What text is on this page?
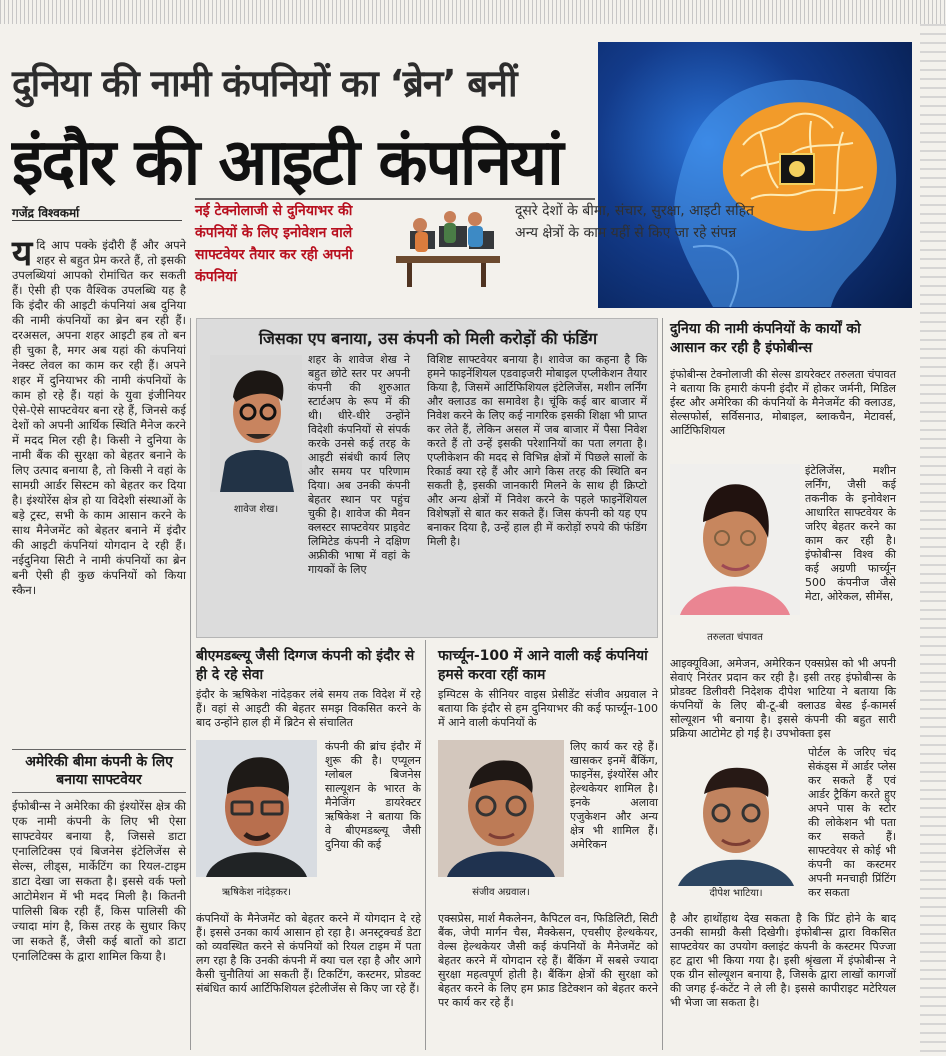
दुनिया की नामी कंपनियों का ‘ब्रेन’ बनीं
इंदौर की आइटी कंपनियां
गजेंद्र विश्वकर्मा	नई टेक्नोलाजी से दुनियाभर की कंपनियों के लिए इनोवेशन वाले साफ्टवेयर तैयार कर रही अपनी कंपनियां
दूसरे देशों के बीमा, संचार, सुरक्षा, आइटी सहित अन्य क्षेत्रों के काम यहीं से किए जा रहे संपन्न
य दि आप पक्के इंदौरी हैं और अपने शहर से बहुत प्रेम करते हैं, तो इसकी उपलब्धियां आपको रोमांचित कर सकती हैं। ऐसी ही एक वैश्विक उपलब्धि यह है कि इंदौर की आइटी कंपनियां अब दुनिया की नामी कंपनियों का ब्रेन बन रही हैं। दरअसल, अपना शहर आइटी हब तो बन ही चुका है, मगर अब यहां की कंपनियां नेक्स्ट लेवल का काम कर रही हैं। अपने शहर में दुनियाभर की नामी कंपनियों के काम हो रहे हैं। यहां के युवा इंजीनियर ऐसे-ऐसे साफ्टवेयर बना रहे हैं, जिनसे कई देशों को अपनी आर्थिक स्थिति मैनेज करने में मदद मिल रही है। किसी ने दुनिया के नामी बैंक की सुरक्षा को बेहतर बनाने के लिए उत्पाद बनाया है, तो किसी ने वहां के सामग्री आर्डर सिस्टम को बेहतर कर दिया है। इंश्योरेंस क्षेत्र हो या विदेशी संस्थाओं के बड़े ट्रस्ट, सभी के काम आसान करने के साथ मैनेजमेंट को बेहतर बनाने में इंदौर की आइटी कंपनियां योगदान दे रही हैं। नईदुनिया सिटी ने नामी कंपनियों का ब्रेन बनी ऐसी ही कुछ कंपनियों को किया स्कैन।
अमेरिकी बीमा कंपनी के लिए बनाया साफ्टवेयर
ईफोबीन्स ने अमेरिका की इंश्योरेंस क्षेत्र की एक नामी कंपनी के लिए भी ऐसा साफ्टवेयर बनाया है, जिससे डाटा एनालिटिक्स एवं बिजनेस इंटेलिजेंस से सेल्स, लीड्स, मार्केटिंग का रियल-टाइम डाटा देखा जा सकता है। इससे वर्क फ्लो आटोमेशन में भी मदद मिली है। कितनी पालिसी बिक रही हैं, किस पालिसी की ज्यादा मांग है, किस तरह के सुधार किए जा सकते हैं, जैसी कई बातों को डाटा एनालिटिक्स के द्वारा शामिल किया है।
जिसका एप बनाया, उस कंपनी को मिली करोड़ों की फंडिंग
शावेज शेख।
शहर के शावेज शेख ने बहुत छोटे स्तर पर अपनी कंपनी की शुरुआत स्टार्टअप के रूप में की थी। धीरे-धीरे उन्होंने विदेशी कंपनियों से संपर्क करके उनसे कई तरह के आइटी संबंधी कार्य लिए और समय पर परिणाम दिया। अब उनकी कंपनी बेहतर स्थान पर पहुंच चुकी है। शावेज की मैवन क्लस्टर साफ्टवेयर प्राइवेट लिमिटेड कंपनी ने दक्षिण अफ्रीकी भाषा में वहां के गायकों के लिए
विशिष्ट साफ्टवेयर बनाया है। शावेज का कहना है कि हमने फाइनेंशियल एडवाइजरी मोबाइल एप्लीकेशन तैयार किया है, जिसमें आर्टिफिशियल इंटेलिजेंस, मशीन लर्निंग और क्लाउड का समावेश है। चूंकि कई बार बाजार में निवेश करने के लिए कई नागरिक इसकी शिक्षा भी प्राप्त कर लेते हैं, लेकिन असल में जब बाजार में पैसा निवेश करते हैं तो उन्हें इसकी परेशानियों का पता लगता है। एप्लीकेशन की मदद से विभिन्न क्षेत्रों में पिछले सालों के रिकार्ड क्या रहे हैं और आगे किस तरह की स्थिति बन सकती है, इसकी जानकारी मिलने के साथ ही क्रिप्टो और अन्य क्षेत्रों में निवेश करने के पहले फाइनेंशियल विशेषज्ञों से बात कर सकते हैं। जिस कंपनी को यह एप बनाकर दिया है, उन्हें हाल ही में करोड़ों रुपये की फंडिंग मिली है।
बीएमडब्ल्यू जैसी दिग्गज कंपनी को इंदौर से ही दे रहे सेवा
इंदौर के ऋषिकेश नांदेड़कर लंबे समय तक विदेश में रहे हैं। वहां से आइटी की बेहतर समझ विकसित करने के बाद उन्होंने हाल ही में ब्रिटेन से संचालित
ऋषिकेश नांदेड़कर।
कंपनी की ब्रांच इंदौर में शुरू की है। एप्यूलन ग्लोबल बिजनेस साल्यूशन के भारत के मैनेजिंग डायरेक्टर ऋषिकेश ने बताया कि वे बीएमडब्ल्यू जैसी दुनिया की कई
कंपनियों के मैनेजमेंट को बेहतर करने में योगदान दे रहे हैं। इससे उनका कार्य आसान हो रहा है। अनस्ट्रक्चर्ड डेटा को व्यवस्थित करने से कंपनियों को रियल टाइम में पता लग रहा है कि उनकी कंपनी में क्या चल रहा है और आगे कैसी चुनौतियां आ सकती हैं। टिकटिंग, कस्टमर, प्रोडक्ट संबंधित कार्य आर्टिफिशियल इंटेलीजेंस से किए जा रहे हैं।
फार्च्यून-100 में आने वाली कई कंपनियां हमसे करवा रहीं काम
इम्पिटस के सीनियर वाइस प्रेसीडेंट संजीव अग्रवाल ने बताया कि इंदौर से हम दुनियाभर की कई फार्च्यून-100 में आने वाली कंपनियों के
संजीव अग्रवाल।
लिए कार्य कर रहे हैं। खासकर इनमें बैंकिंग, फाइनेंस, इंश्योरेंस और हेल्थकेयर शामिल है। इनके अलावा एजुकेशन और अन्य क्षेत्र भी शामिल हैं। अमेरिकन
एक्सप्रेस, मार्श मैकलेनन, कैपिटल वन, फिडिलिटी, सिटी बैंक, जेपी मार्गन चैस, मैक्केसन, एचसीए हेल्थकेयर, वेल्स हेल्थकेयर जैसी कई कंपनियों के मैनेजमेंट को बेहतर करने में योगदान रहे हैं। बैंकिंग में सबसे ज्यादा सुरक्षा महत्वपूर्ण होती है। बैंकिंग क्षेत्रों की सुरक्षा को बेहतर करने के लिए हम फ्राड डिटेक्शन को बेहतर करने पर कार्य कर रहे हैं।
दुनिया की नामी कंपनियों के कार्यों को आसान कर रही है इंफोबीन्स
इंफोबीन्स टेक्नोलाजी की सेल्स डायरेक्टर तरुलता चंपावत ने बताया कि हमारी कंपनी इंदौर में होकर जर्मनी, मिडिल ईस्ट और अमेरिका की कंपनियों के मैनेजमेंट की क्लाउड, सेल्सफोर्स, सर्विसनाउ, मोबाइल, ब्लाकचैन, मेटावर्स, आर्टिफिशियल
तरुलता चंपावत
इंटेलिजेंस, मशीन लर्निंग, जैसी कई तकनीक के इनोवेशन आधारित साफ्टवेयर के जरिए बेहतर करने का काम कर रही है। इंफोबीन्स विश्व की कई अग्रणी फार्च्यून 500 कंपनीज जैसे मेटा, ओरेकल, सीमेंस,
आइक्यूविआ, अमेजन, अमेरिकन एक्सप्रेस को भी अपनी सेवाएं निरंतर प्रदान कर रही है। इसी तरह इंफोबीन्स के प्रोडक्ट डिलीवरी निदेशक दीपेश भाटिया ने बताया कि कंपनियों के लिए बी-टू-बी क्लाउड बेस्ड ई-कामर्स सोल्यूशन भी बनाया है। इससे कंपनी की बहुत सारी प्रक्रिया आटोमेट हो गई है। उपभोक्ता इस
दीपेश भाटिया।
पोर्टल के जरिए चंद सेकंड्स में आर्डर प्लेस कर सकते हैं एवं आर्डर ट्रैकिंग करते हुए अपने पास के स्टोर की लोकेशन भी पता कर सकते हैं। साफ्टवेयर से कोई भी कंपनी का कस्टमर अपनी मनचाही प्रिंटिंग कर सकता
है और हाथोंहाथ देख सकता है कि प्रिंट होने के बाद उनकी सामग्री कैसी दिखेगी। इंफोबीन्स द्वारा विकसित साफ्टवेयर का उपयोग क्लाइंट कंपनी के कस्टमर पिज्जा हट द्वारा भी किया गया है। इसी श्रृंखला में इंफोबीन्स ने एक ग्रीन सोल्यूशन बनाया है, जिसके द्वारा लाखों कागजों की जगह ई-कंटेंट ने ले ली है। इससे कापीराइट मटेरियल भी भेजा जा सकता है।
